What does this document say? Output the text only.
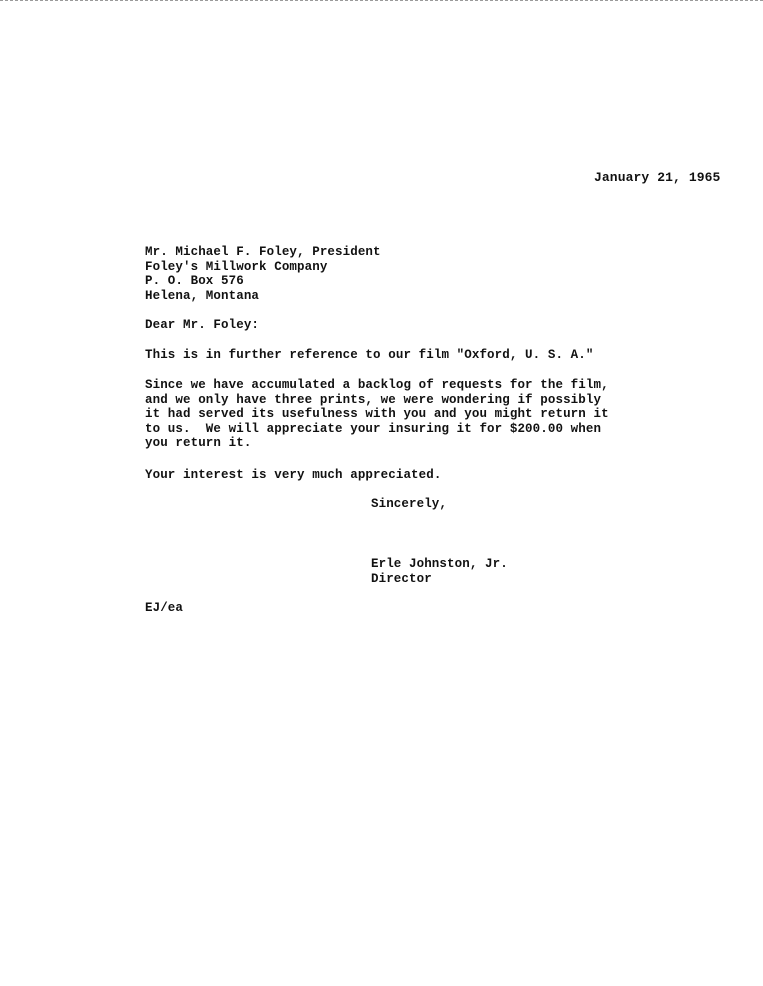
January 21, 1965
Mr. Michael F. Foley, President
Foley's Millwork Company
P. O. Box 576
Helena, Montana
Dear Mr. Foley:
This is in further reference to our film "Oxford, U. S. A."
Since we have accumulated a backlog of requests for the film,
and we only have three prints, we were wondering if possibly
it had served its usefulness with you and you might return it
to us.  We will appreciate your insuring it for $200.00 when
you return it.
Your interest is very much appreciated.
Sincerely,
Erle Johnston, Jr.
Director
EJ/ea
